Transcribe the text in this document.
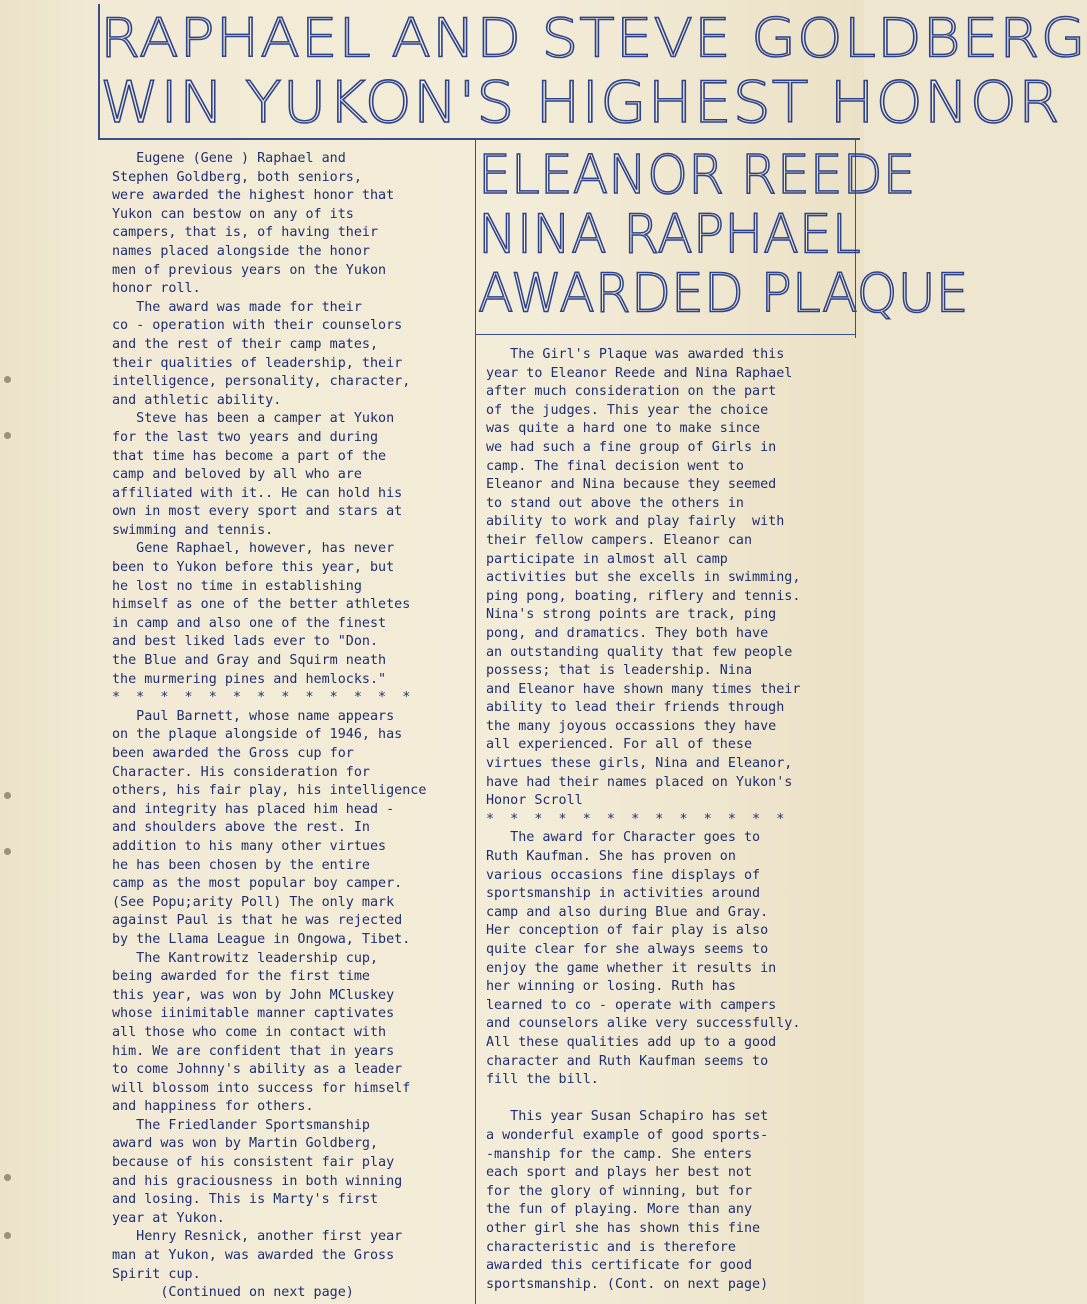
RAPHAEL AND STEVE GOLDBERG
WIN YUKON'S HIGHEST HONOR
ELEANOR REEDE
NINA RAPHAEL
AWARDED PLAQUE
Eugene (Gene ) Raphael and
Stephen Goldberg, both seniors,
were awarded the highest honor that
Yukon can bestow on any of its
campers, that is, of having their
names placed alongside the honor
men of previous years on the Yukon
honor roll.
The award was made for their
co - operation with their counselors
and the rest of their camp mates,
their qualities of leadership, their
intelligence, personality, character,
and athletic ability.
Steve has been a camper at Yukon
for the last two years and during
that time has become a part of the
camp and beloved by all who are
affiliated with it.. He can hold his
own in most every sport and stars at
swimming and tennis.
Gene Raphael, however, has never
been to Yukon before this year, but
he lost no time in establishing
himself as one of the better athletes
in camp and also one of the finest
and best liked lads ever to "Don.
the Blue and Gray and Squirm neath
the murmering pines and hemlocks."
*  *  *  *  *  *  *  *  *  *  *  *  *
Paul Barnett, whose name appears
on the plaque alongside of 1946, has
been awarded the Gross cup for
Character. His consideration for
others, his fair play, his intelligence
and integrity has placed him head -
and shoulders above the rest. In
addition to his many other virtues
he has been chosen by the entire
camp as the most popular boy camper.
(See Popu;arity Poll) The only mark
against Paul is that he was rejected
by the Llama League in Ongowa, Tibet.
The Kantrowitz leadership cup,
being awarded for the first time
this year, was won by John MCluskey
whose iinimitable manner captivates
all those who come in contact with
him. We are confident that in years
to come Johnny's ability as a leader
will blossom into success for himself
and happiness for others.
The Friedlander Sportsmanship
award was won by Martin Goldberg,
because of his consistent fair play
and his graciousness in both winning
and losing. This is Marty's first
year at Yukon.
Henry Resnick, another first year
man at Yukon, was awarded the Gross
Spirit cup.
(Continued on next page)
The Girl's Plaque was awarded this
year to Eleanor Reede and Nina Raphael
after much consideration on the part
of the judges. This year the choice
was quite a hard one to make since
we had such a fine group of Girls in
camp. The final decision went to
Eleanor and Nina because they seemed
to stand out above the others in
ability to work and play fairly  with
their fellow campers. Eleanor can
participate in almost all camp
activities but she excells in swimming,
ping pong, boating, riflery and tennis.
Nina's strong points are track, ping
pong, and dramatics. They both have
an outstanding quality that few people
possess; that is leadership. Nina
and Eleanor have shown many times their
ability to lead their friends through
the many joyous occassions they have
all experienced. For all of these
virtues these girls, Nina and Eleanor,
have had their names placed on Yukon's
Honor Scroll
*  *  *  *  *  *  *  *  *  *  *  *  *
The award for Character goes to
Ruth Kaufman. She has proven on
various occasions fine displays of
sportsmanship in activities around
camp and also during Blue and Gray.
Her conception of fair play is also
quite clear for she always seems to
enjoy the game whether it results in
her winning or losing. Ruth has
learned to co - operate with campers
and counselors alike very successfully.
All these qualities add up to a good
character and Ruth Kaufman seems to
fill the bill.
This year Susan Schapiro has set
a wonderful example of good sports-
-manship for the camp. She enters
each sport and plays her best not
for the glory of winning, but for
the fun of playing. More than any
other girl she has shown this fine
characteristic and is therefore
awarded this certificate for good
sportsmanship. (Cont. on next page)
